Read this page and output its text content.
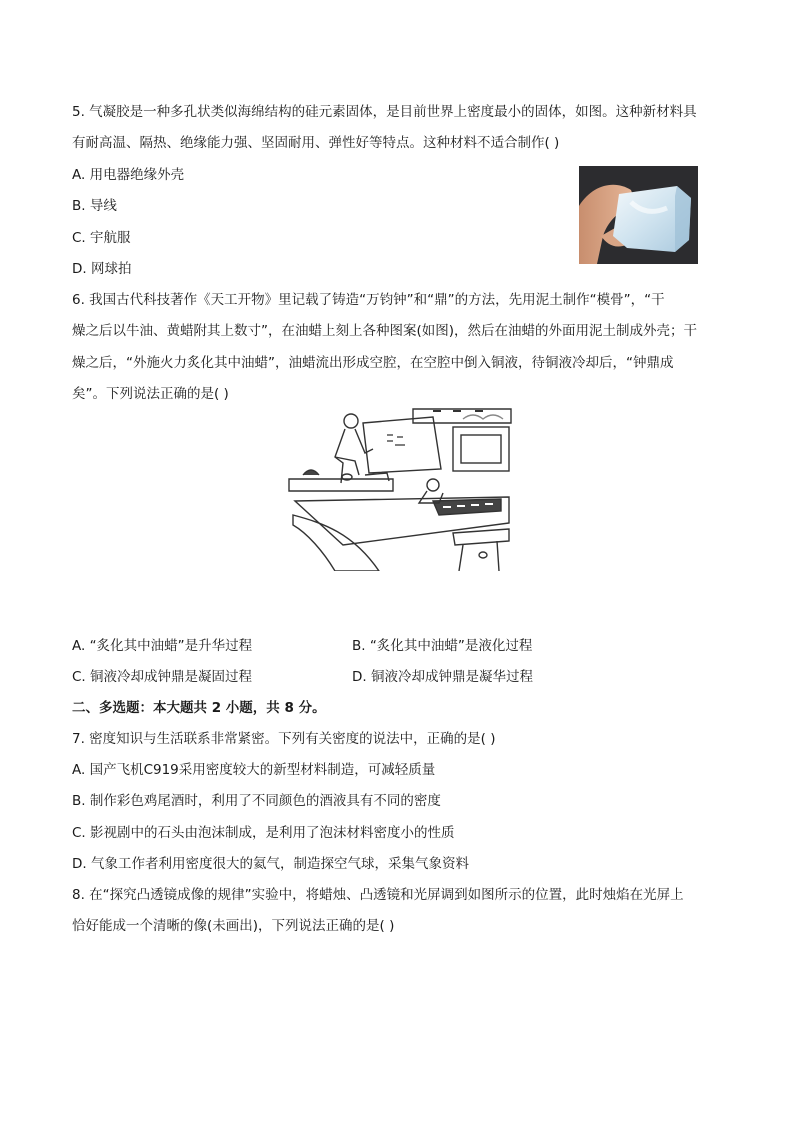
5. 气凝胶是一种多孔状类似海绵结构的硅元素固体，是目前世界上密度最小的固体，如图。这种新材料具
有耐高温、隔热、绝缘能力强、坚固耐用、弹性好等特点。这种材料不适合制作( )
A. 用电器绝缘外壳
B. 导线
C. 宇航服
D. 网球拍
6. 我国古代科技著作《天工开物》里记载了铸造“万钧钟”和“鼎”的方法，先用泥土制作“模骨”，“干
燥之后以牛油、黄蜡附其上数寸”，在油蜡上刻上各种图案(如图)，然后在油蜡的外面用泥土制成外壳；干
燥之后，“外施火力炙化其中油蜡”，油蜡流出形成空腔，在空腔中倒入铜液，待铜液冷却后，“钟鼎成
矣”。下列说法正确的是( )
A. “炙化其中油蜡”是升华过程	B. “炙化其中油蜡”是液化过程
C. 铜液冷却成钟鼎是凝固过程	D. 铜液冷却成钟鼎是凝华过程
二、多选题：本大题共 2 小题，共 8 分。
7. 密度知识与生活联系非常紧密。下列有关密度的说法中，正确的是( )
A. 国产飞机C919采用密度较大的新型材料制造，可减轻质量
B. 制作彩色鸡尾酒时，利用了不同颜色的酒液具有不同的密度
C. 影视剧中的石头由泡沫制成，是利用了泡沫材料密度小的性质
D. 气象工作者利用密度很大的氦气，制造探空气球，采集气象资料
8. 在“探究凸透镜成像的规律”实验中，将蜡烛、凸透镜和光屏调到如图所示的位置，此时烛焰在光屏上
恰好能成一个清晰的像(未画出)，下列说法正确的是( )
